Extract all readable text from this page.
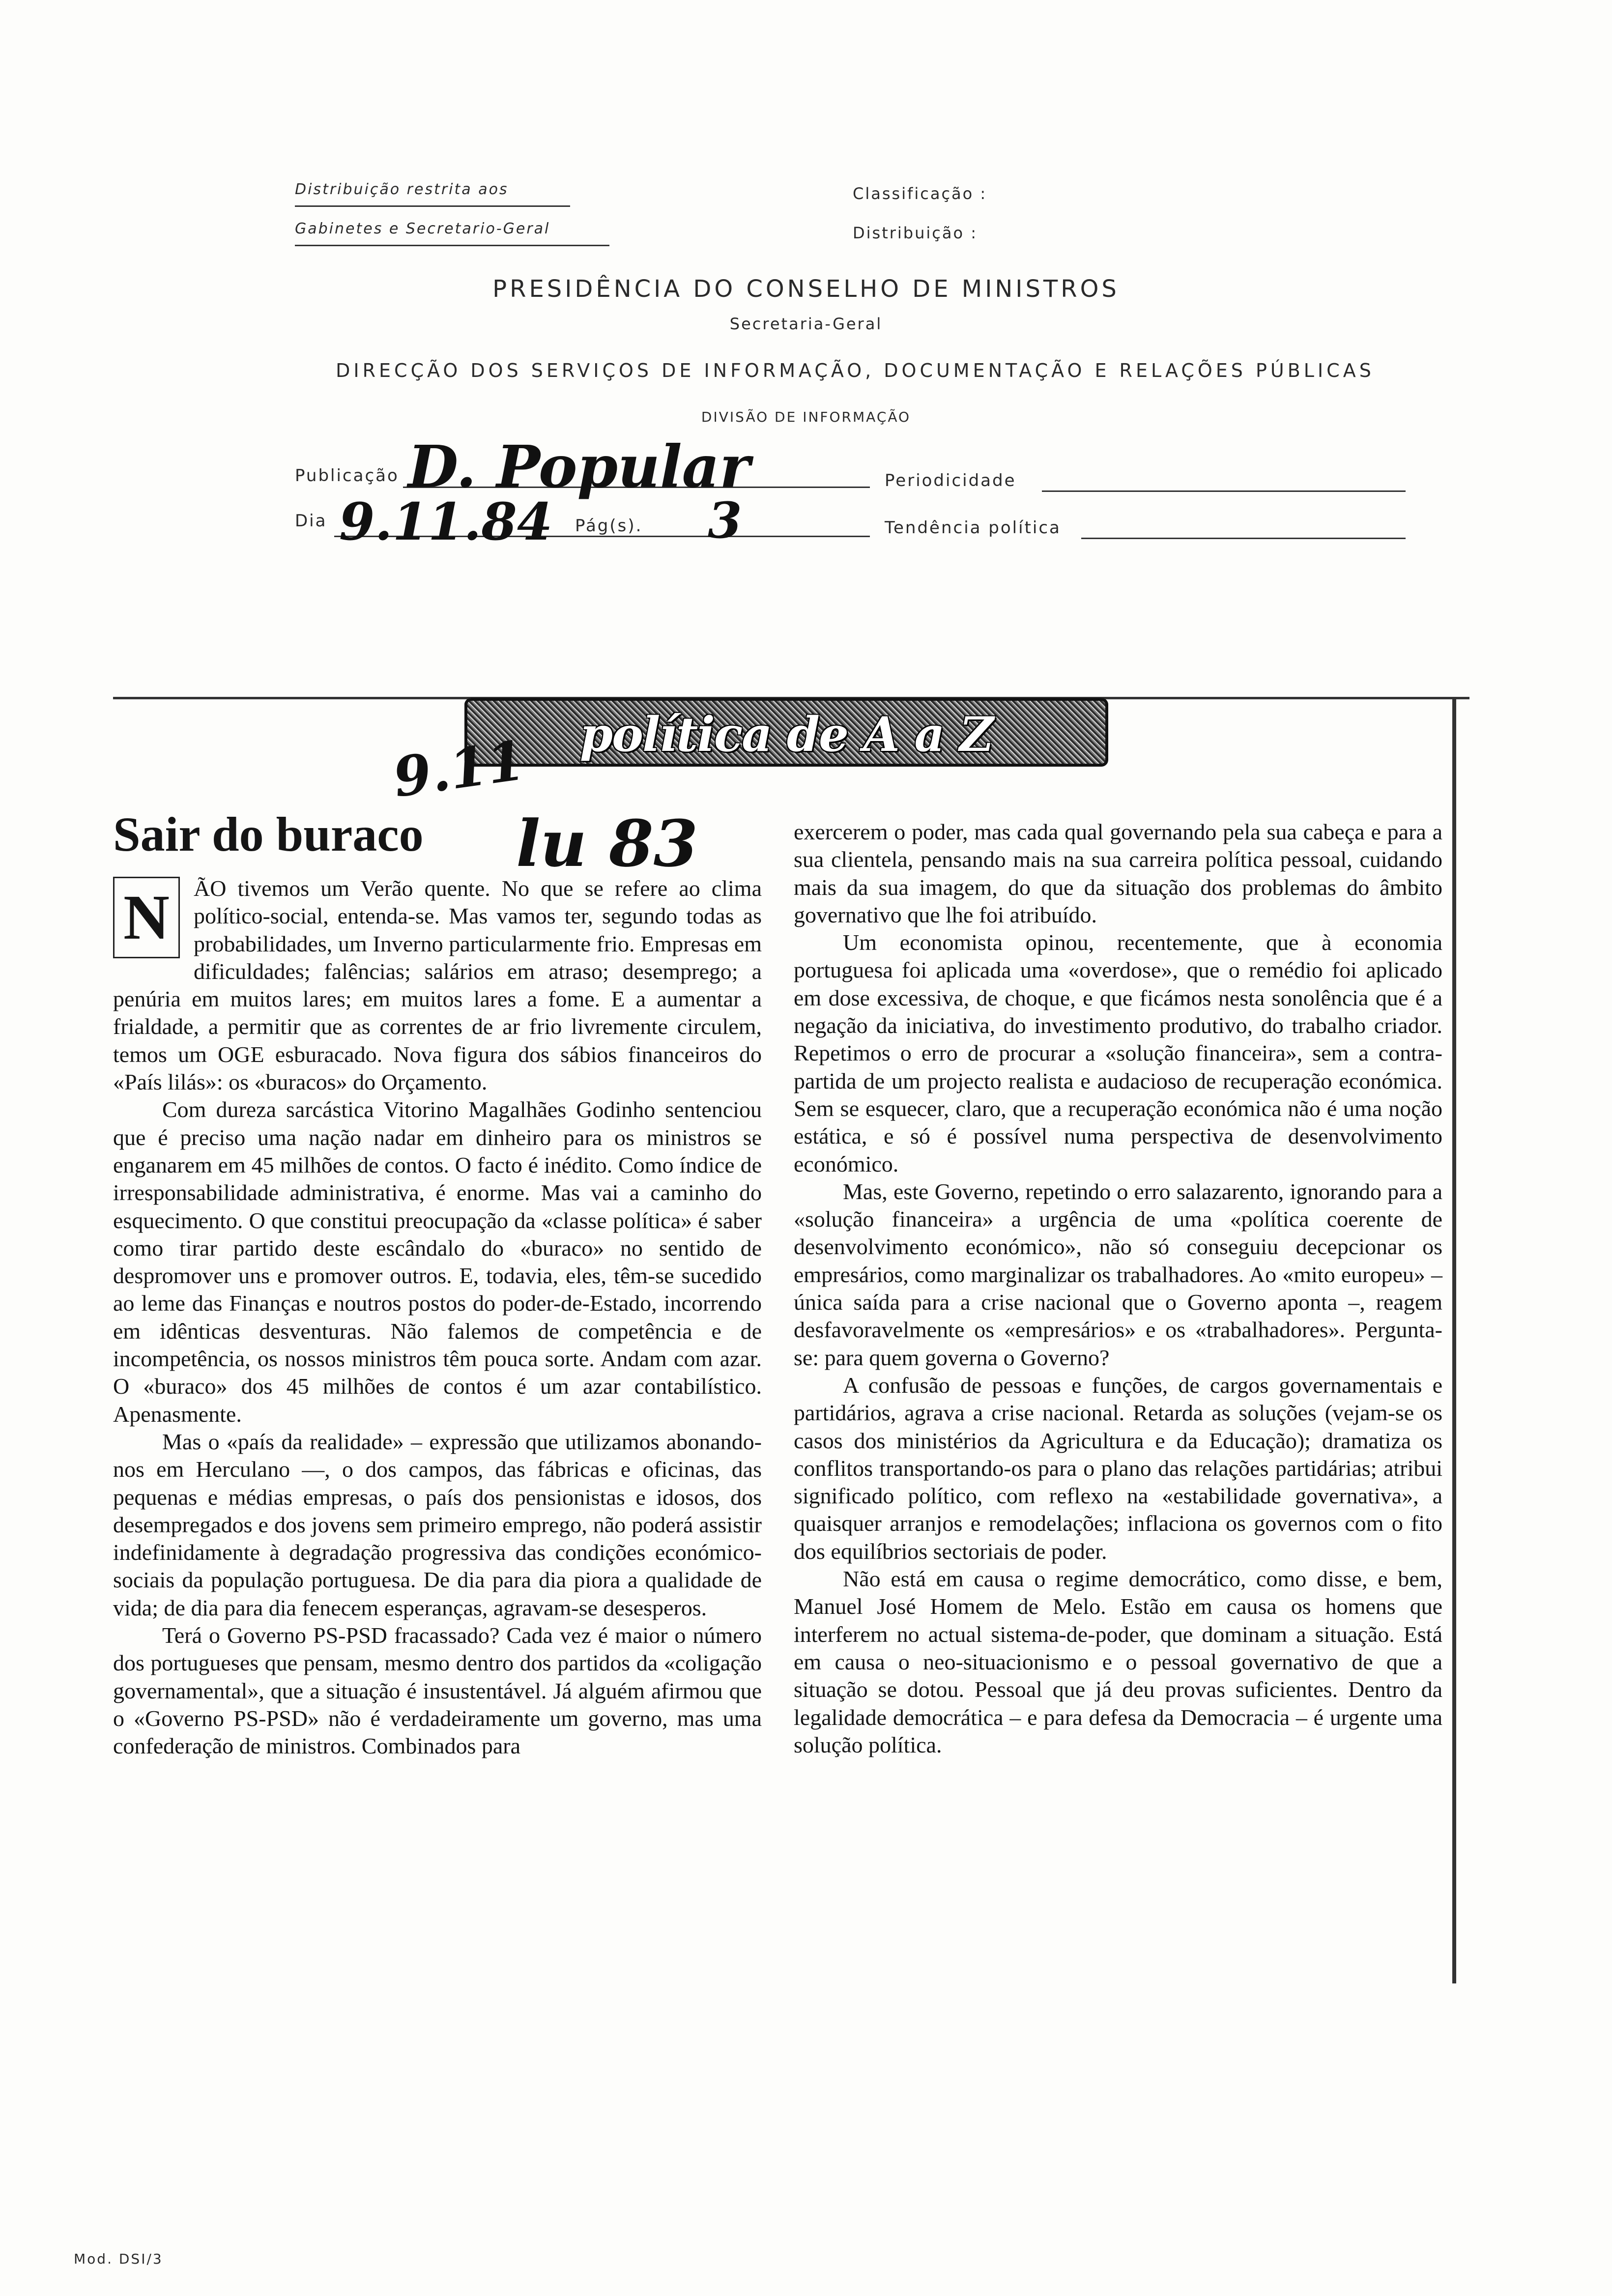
Distribuição restrita aos
Gabinetes e Secretario-Geral
Classificação :
Distribuição :
PRESIDÊNCIA DO CONSELHO DE MINISTROS
Secretaria-Geral
DIRECÇÃO DOS SERVIÇOS DE INFORMAÇÃO, DOCUMENTAÇÃO E RELAÇÕES PÚBLICAS
DIVISÃO DE INFORMAÇÃO
Publicação D. Popular	Periodicidade
Dia 9.11.84 Pág(s). 3	Tendência política
política de A a Z
9.11
lu 83
Sair do buraco

N	ÃO tivemos um Verão quente. No que se refere ao clima político-social, entenda-se. Mas vamos ter, segundo todas as probabilidades, um Inverno particularmente frio. Empresas em dificuldades; falências; salários em atraso; desemprego; a penúria em muitos lares; em muitos lares a fome. E a aumentar a frialdade, a permitir que as correntes de ar frio livremente circulem, temos um OGE esburacado. Nova figura dos sábios financeiros do «País lilás»: os «buracos» do Orçamento.

Com dureza sarcástica Vitorino Magalhães Godinho sentenciou que é preciso uma nação nadar em dinheiro para os ministros se enganarem em 45 milhões de contos. O facto é inédito. Como índice de irresponsabilidade administrativa, é enorme. Mas vai a caminho do esquecimento. O que constitui preocupação da «classe política» é saber como tirar partido deste escândalo do «buraco» no sentido de despromover uns e promover outros. E, todavia, eles, têm-se sucedido ao leme das Finanças e noutros postos do poder-de-Estado, incorrendo em idênticas desventuras. Não falemos de competência e de incompetência, os nossos ministros têm pouca sorte. Andam com azar. O «buraco» dos 45 milhões de contos é um azar contabilístico. Apenasmente.

Mas o «país da realidade» – expressão que utilizamos abonando-nos em Herculano —, o dos campos, das fábricas e oficinas, das pequenas e médias empresas, o país dos pensionistas e idosos, dos desempregados e dos jovens sem primeiro emprego, não poderá assistir indefinidamente à degradação progressiva das condições económico-sociais da população portuguesa. De dia para dia piora a qualidade de vida; de dia para dia fenecem esperanças, agravam-se desesperos.

Terá o Governo PS-PSD fracassado? Cada vez é maior o número dos portugueses que pensam, mesmo dentro dos partidos da «coligação governamental», que a situação é insustentável. Já alguém afirmou que o «Governo PS-PSD» não é verdadeiramente um governo, mas uma confederação de ministros. Combinados para

exercerem o poder, mas cada qual governando pela sua cabeça e para a sua clientela, pensando mais na sua carreira política pessoal, cuidando mais da sua imagem, do que da situação dos problemas do âmbito governativo que lhe foi atribuído.

Um economista opinou, recentemente, que à economia portuguesa foi aplicada uma «overdose», que o remédio foi aplicado em dose excessiva, de choque, e que ficámos nesta sonolência que é a negação da iniciativa, do investimento produtivo, do trabalho criador. Repetimos o erro de procurar a «solução financeira», sem a contra-partida de um projecto realista e audacioso de recuperação económica. Sem se esquecer, claro, que a recuperação económica não é uma noção estática, e só é possível numa perspectiva de desenvolvimento económico.

Mas, este Governo, repetindo o erro salazarento, ignorando para a «solução financeira» a urgência de uma «política coerente de desenvolvimento económico», não só conseguiu decepcionar os empresários, como marginalizar os trabalhadores. Ao «mito europeu» – única saída para a crise nacional que o Governo aponta –, reagem desfavoravelmente os «empresários» e os «trabalhadores». Pergunta-se: para quem governa o Governo?

A confusão de pessoas e funções, de cargos governamentais e partidários, agrava a crise nacional. Retarda as soluções (vejam-se os casos dos ministérios da Agricultura e da Educação); dramatiza os conflitos transportando-os para o plano das relações partidárias; atribui significado político, com reflexo na «estabilidade governativa», a quaisquer arranjos e remodelações; inflaciona os governos com o fito dos equilíbrios sectoriais de poder.

Não está em causa o regime democrático, como disse, e bem, Manuel José Homem de Melo. Estão em causa os homens que interferem no actual sistema-de-poder, que dominam a situação. Está em causa o neo-situacionismo e o pessoal governativo de que a situação se dotou. Pessoal que já deu provas suficientes. Dentro da legalidade democrática – e para defesa da Democracia – é urgente uma solução política.

Mod. DSI/3
